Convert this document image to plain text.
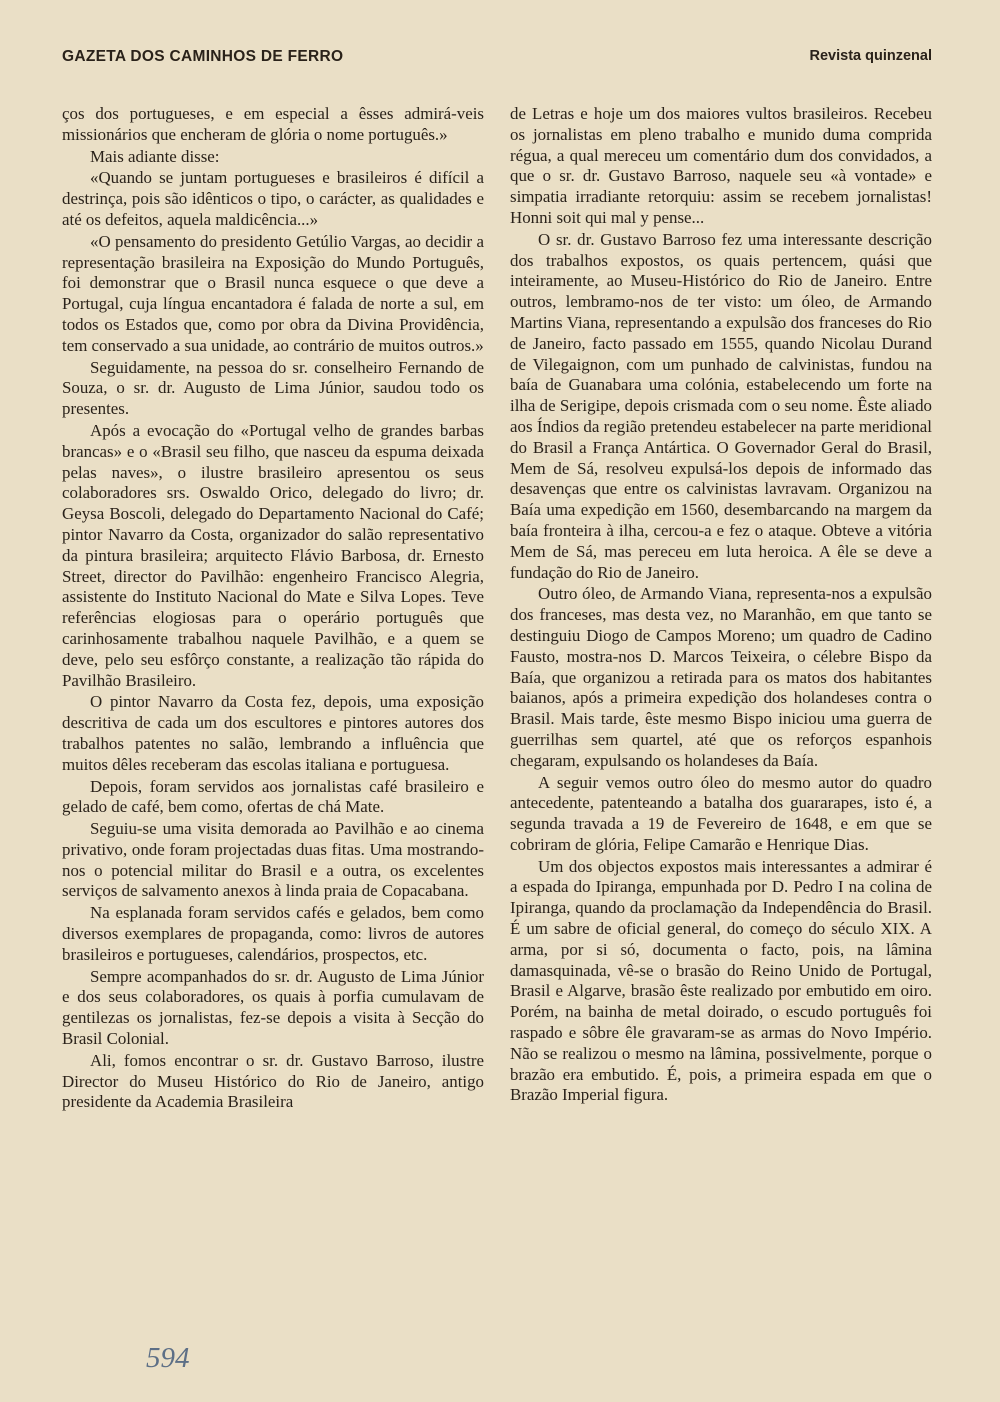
GAZETA DOS CAMINHOS DE FERRO	Revista quinzenal

ços dos portugueses, e em especial a êsses admirá-veis missionários que encheram de glória o nome português.»

Mais adiante disse:

«Quando se juntam portugueses e brasileiros é difícil a destrinça, pois são idênticos o tipo, o carácter, as qualidades e até os defeitos, aquela maldicência...»

«O pensamento do presidento Getúlio Vargas, ao decidir a representação brasileira na Exposição do Mundo Português, foi demonstrar que o Brasil nunca esquece o que deve a Portugal, cuja língua encantadora é falada de norte a sul, em todos os Estados que, como por obra da Divina Providência, tem conservado a sua unidade, ao contrário de muitos outros.»

Seguidamente, na pessoa do sr. conselheiro Fernando de Souza, o sr. dr. Augusto de Lima Júnior, saudou todo os presentes.

Após a evocação do «Portugal velho de grandes barbas brancas» e o «Brasil seu filho, que nasceu da espuma deixada pelas naves», o ilustre brasileiro apresentou os seus colaboradores srs. Oswaldo Orico, delegado do livro; dr. Geysa Boscoli, delegado do Departamento Nacional do Café; pintor Navarro da Costa, organizador do salão representativo da pintura brasileira; arquitecto Flávio Barbosa, dr. Ernesto Street, director do Pavilhão: engenheiro Francisco Alegria, assistente do Instituto Nacional do Mate e Silva Lopes. Teve referências elogiosas para o operário português que carinhosamente trabalhou naquele Pavilhão, e a quem se deve, pelo seu esfôrço constante, a realização tão rápida do Pavilhão Brasileiro.

O pintor Navarro da Costa fez, depois, uma exposição descritiva de cada um dos escultores e pintores autores dos trabalhos patentes no salão, lembrando a influência que muitos dêles receberam das escolas italiana e portuguesa.

Depois, foram servidos aos jornalistas café brasileiro e gelado de café, bem como, ofertas de chá Mate.

Seguiu-se uma visita demorada ao Pavilhão e ao cinema privativo, onde foram projectadas duas fitas. Uma mostrando-nos o potencial militar do Brasil e a outra, os excelentes serviços de salvamento anexos à linda praia de Copacabana.

Na esplanada foram servidos cafés e gelados, bem como diversos exemplares de propaganda, como: livros de autores brasileiros e portugueses, calendários, prospectos, etc.

Sempre acompanhados do sr. dr. Augusto de Lima Júnior e dos seus colaboradores, os quais à porfia cumulavam de gentilezas os jornalistas, fez-se depois a visita à Secção do Brasil Colonial.

Ali, fomos encontrar o sr. dr. Gustavo Barroso, ilustre Director do Museu Histórico do Rio de Janeiro, antigo presidente da Academia Brasileira

de Letras e hoje um dos maiores vultos brasileiros. Recebeu os jornalistas em pleno trabalho e munido duma comprida régua, a qual mereceu um comentário dum dos convidados, a que o sr. dr. Gustavo Barroso, naquele seu «à vontade» e simpatia irradiante retorquiu: assim se recebem jornalistas! Honni soit qui mal y pense...

O sr. dr. Gustavo Barroso fez uma interessante descrição dos trabalhos expostos, os quais pertencem, quási que inteiramente, ao Museu-Histórico do Rio de Janeiro. Entre outros, lembramo-nos de ter visto: um óleo, de Armando Martins Viana, representando a expulsão dos franceses do Rio de Janeiro, facto passado em 1555, quando Nicolau Durand de Vilegaignon, com um punhado de calvinistas, fundou na baía de Guanabara uma colónia, estabelecendo um forte na ilha de Serigipe, depois crismada com o seu nome. Êste aliado aos Índios da região pretendeu estabelecer na parte meridional do Brasil a França Antártica. O Governador Geral do Brasil, Mem de Sá, resolveu expulsá-los depois de informado das desavenças que entre os calvinistas lavravam. Organizou na Baía uma expedição em 1560, desembarcando na margem da baía fronteira à ilha, cercou-a e fez o ataque. Obteve a vitória Mem de Sá, mas pereceu em luta heroica. A êle se deve a fundação do Rio de Janeiro.

Outro óleo, de Armando Viana, representa-nos a expulsão dos franceses, mas desta vez, no Maranhão, em que tanto se destinguiu Diogo de Campos Moreno; um quadro de Cadino Fausto, mostra-nos D. Marcos Teixeira, o célebre Bispo da Baía, que organizou a retirada para os matos dos habitantes baianos, após a primeira expedição dos holandeses contra o Brasil. Mais tarde, êste mesmo Bispo iniciou uma guerra de guerrilhas sem quartel, até que os reforços espanhois chegaram, expulsando os holandeses da Baía.

A seguir vemos outro óleo do mesmo autor do quadro antecedente, patenteando a batalha dos guararapes, isto é, a segunda travada a 19 de Fevereiro de 1648, e em que se cobriram de glória, Felipe Camarão e Henrique Dias.

Um dos objectos expostos mais interessantes a admirar é a espada do Ipiranga, empunhada por D. Pedro I na colina de Ipiranga, quando da proclamação da Independência do Brasil. É um sabre de oficial general, do começo do século XIX. A arma, por si só, documenta o facto, pois, na lâmina damasquinada, vê-se o brasão do Reino Unido de Portugal, Brasil e Algarve, brasão êste realizado por embutido em oiro. Porém, na bainha de metal doirado, o escudo português foi raspado e sôbre êle gravaram-se as armas do Novo Império. Não se realizou o mesmo na lâmina, possivelmente, porque o brazão era embutido. É, pois, a primeira espada em que o Brazão Imperial figura.

594
